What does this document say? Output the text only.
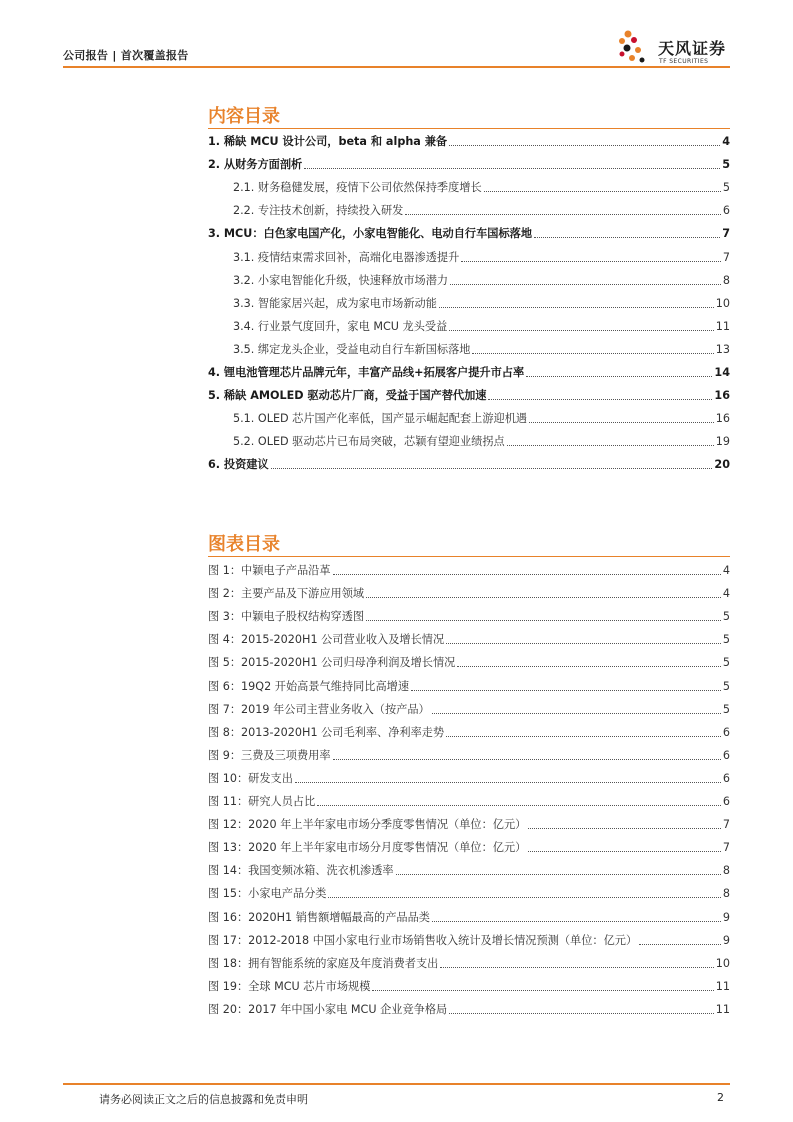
公司报告 | 首次覆盖报告	天风证券
TF SECURITIES
内容目录
1. 稀缺 MCU 设计公司，beta 和 alpha 兼备	4
2. 从财务方面剖析	5
2.1. 财务稳健发展，疫情下公司依然保持季度增长	5
2.2. 专注技术创新，持续投入研发	6
3. MCU：白色家电国产化，小家电智能化、电动自行车国标落地	7
3.1. 疫情结束需求回补，高端化电器渗透提升	7
3.2. 小家电智能化升级，快速释放市场潜力	8
3.3. 智能家居兴起，成为家电市场新动能	10
3.4. 行业景气度回升，家电 MCU 龙头受益	11
3.5. 绑定龙头企业，受益电动自行车新国标落地	13
4. 锂电池管理芯片品牌元年，丰富产品线+拓展客户提升市占率	14
5. 稀缺 AMOLED 驱动芯片厂商，受益于国产替代加速	16
5.1. OLED 芯片国产化率低，国产显示崛起配套上游迎机遇	16
5.2. OLED 驱动芯片已布局突破，芯颖有望迎业绩拐点	19
6. 投资建议	20
图表目录
图 1：中颖电子产品沿革	4
图 2：主要产品及下游应用领域	4
图 3：中颖电子股权结构穿透图	5
图 4：2015-2020H1 公司营业收入及增长情况	5
图 5：2015-2020H1 公司归母净利润及增长情况	5
图 6：19Q2 开始高景气维持同比高增速	5
图 7：2019 年公司主营业务收入（按产品）	5
图 8：2013-2020H1 公司毛利率、净利率走势	6
图 9：三费及三项费用率	6
图 10：研发支出	6
图 11：研究人员占比	6
图 12：2020 年上半年家电市场分季度零售情况（单位：亿元）	7
图 13：2020 年上半年家电市场分月度零售情况（单位：亿元）	7
图 14：我国变频冰箱、洗衣机渗透率	8
图 15：小家电产品分类	8
图 16：2020H1 销售额增幅最高的产品品类	9
图 17：2012-2018 中国小家电行业市场销售收入统计及增长情况预测（单位：亿元）	9
图 18：拥有智能系统的家庭及年度消费者支出	10
图 19：全球 MCU 芯片市场规模	11
图 20：2017 年中国小家电 MCU 企业竞争格局	11
请务必阅读正文之后的信息披露和免责申明	2
